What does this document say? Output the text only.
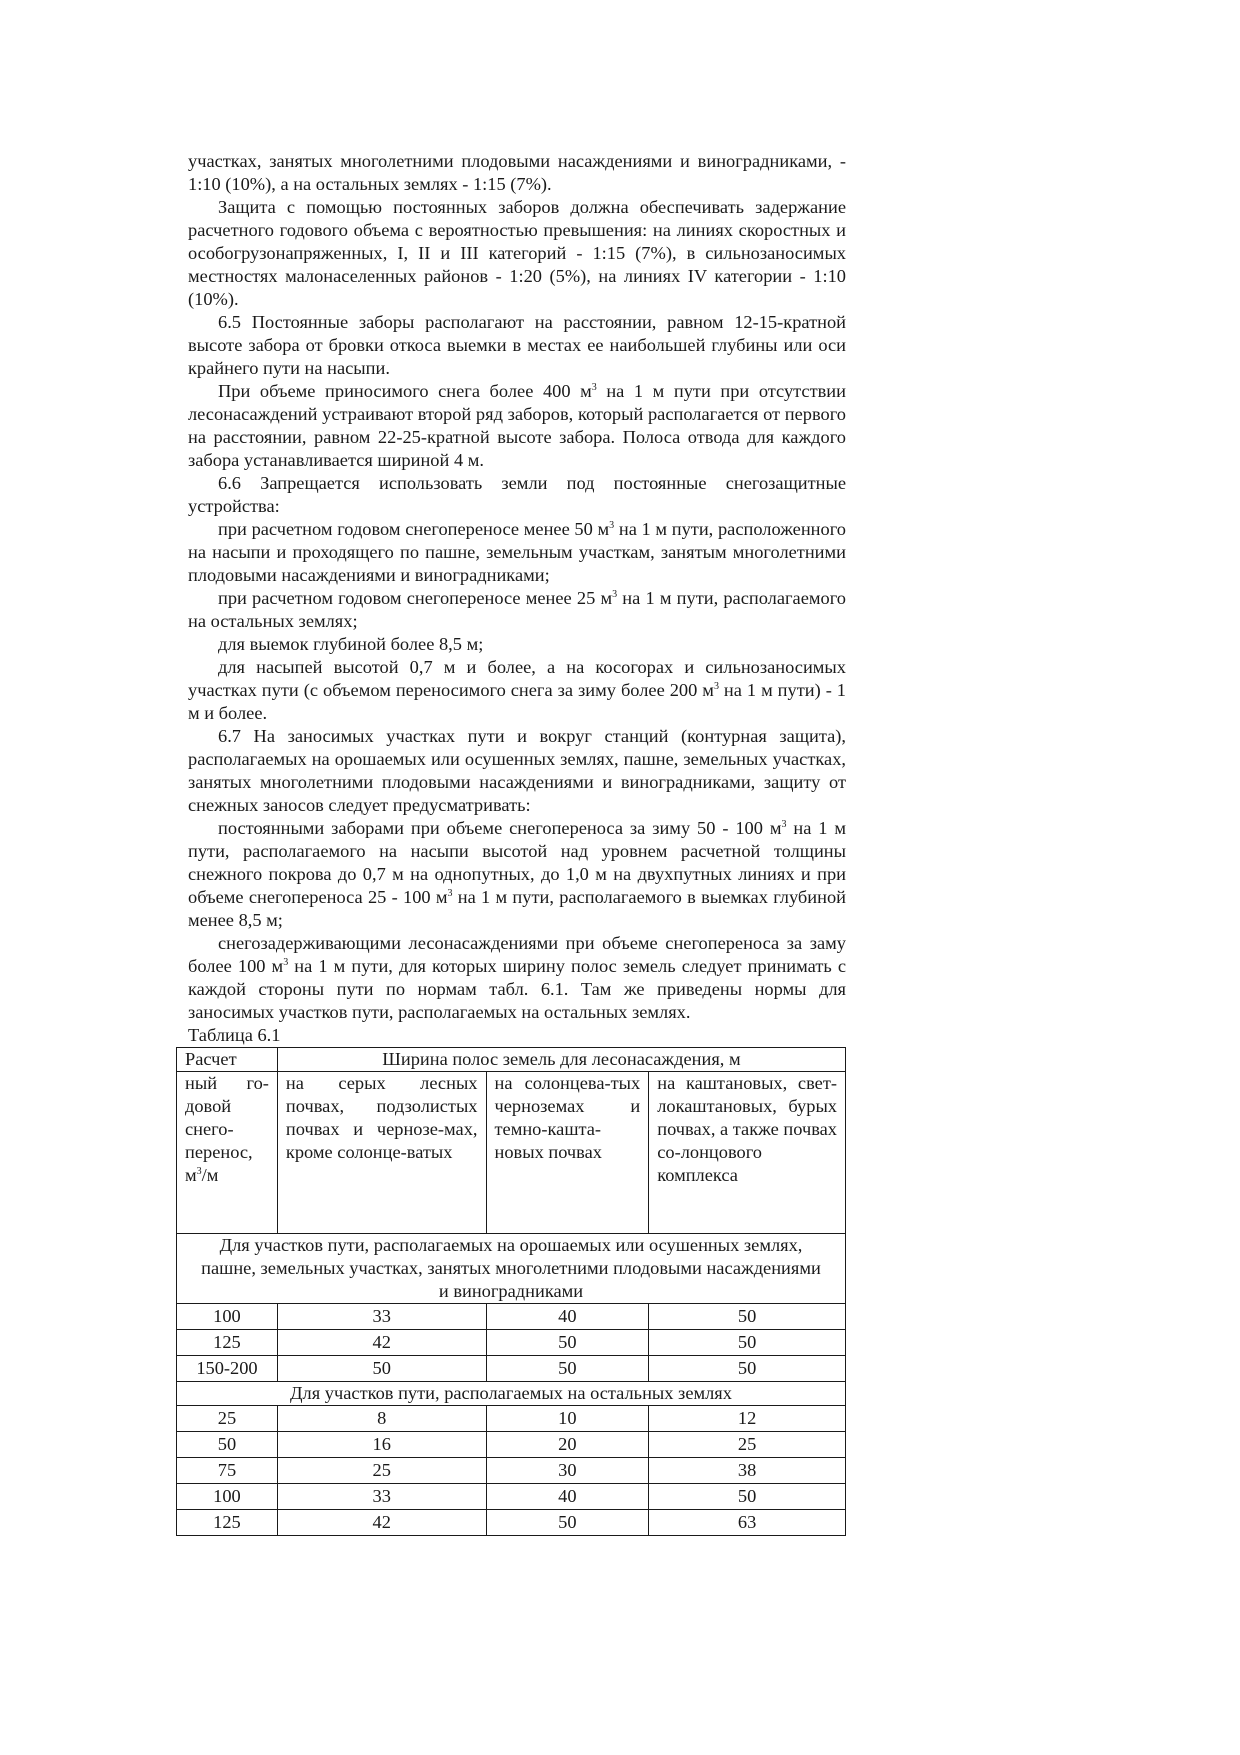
участках, занятых многолетними плодовыми насаждениями и виноградниками, - 1:10 (10%), а на остальных землях - 1:15 (7%).

Защита с помощью постоянных заборов должна обеспечивать задержание расчетного годового объема с вероятностью превышения: на линиях скоростных и особогрузонапряженных, I, II и III категорий - 1:15 (7%), в сильнозаносимых местностях малонаселенных районов - 1:20 (5%), на линиях IV категории - 1:10 (10%).

6.5 Постоянные заборы располагают на расстоянии, равном 12-15-кратной высоте забора от бровки откоса выемки в местах ее наибольшей глубины или оси крайнего пути на насыпи.

При объеме приносимого снега более 400 $м^3$ на 1 м пути при отсутствии лесонасаждений устраивают второй ряд заборов, который располагается от первого на расстоянии, равном 22-25-кратной высоте забора. Полоса отвода для каждого забора устанавливается шириной 4 м.

6.6 Запрещается использовать земли под постоянные снегозащитные устройства:

при расчетном годовом снегопереносе менее 50 $м^3$ на 1 м пути, расположенного на насыпи и проходящего по пашне, земельным участкам, занятым многолетними плодовыми насаждениями и виноградниками;

при расчетном годовом снегопереносе менее 25 $м^3$ на 1 м пути, располагаемого на остальных землях;

для выемок глубиной более 8,5 м;

для насыпей высотой 0,7 м и более, а на косогорах и сильнозаносимых участках пути (с объемом переносимого снега за зиму более 200 $м^3$ на 1 м пути) - 1 м и более.

6.7 На заносимых участках пути и вокруг станций (контурная защита), располагаемых на орошаемых или осушенных землях, пашне, земельных участках, занятых многолетними плодовыми насаждениями и виноградниками, защиту от снежных заносов следует предусматривать:

постоянными заборами при объеме снегопереноса за зиму 50 - 100 $м^3$ на 1 м пути, располагаемого на насыпи высотой над уровнем расчетной толщины снежного покрова до 0,7 м на однопутных, до 1,0 м на двухпутных линиях и при объеме снегопереноса 25 - 100 $м^3$ на 1 м пути, располагаемого в выемках глубиной менее 8,5 м;

снегозадерживающими лесонасаждениями при объеме снегопереноса за заму более 100 $м^3$ на 1 м пути, для которых ширину полос земель следует принимать с каждой стороны пути по нормам табл. 6.1. Там же приведены нормы для заносимых участков пути, располагаемых на остальных землях.

Таблица 6.1

Расчет	Ширина полос земель для лесонасаждения, м		
ный го-довой снего-перенос, $м^3/м$	на серых лесных почвах, подзолистых почвах и чернозе-мах, кроме солонце-ватых	на солонцева-тых черноземах и темно-кашта-новых почвах	на каштановых, свет-локаштановых, бурых почвах, а также почвах со-лонцового комплекса
Для участков пути, располагаемых на орошаемых или осушенных землях, пашне, земельных участках, занятых многолетними плодовыми насаждениями и виноградниками			
100	33	40	50
125	42	50	50
150-200	50	50	50
Для участков пути, располагаемых на остальных землях			
25	8	10	12
50	16	20	25
75	25	30	38
100	33	40	50
125	42	50	63
